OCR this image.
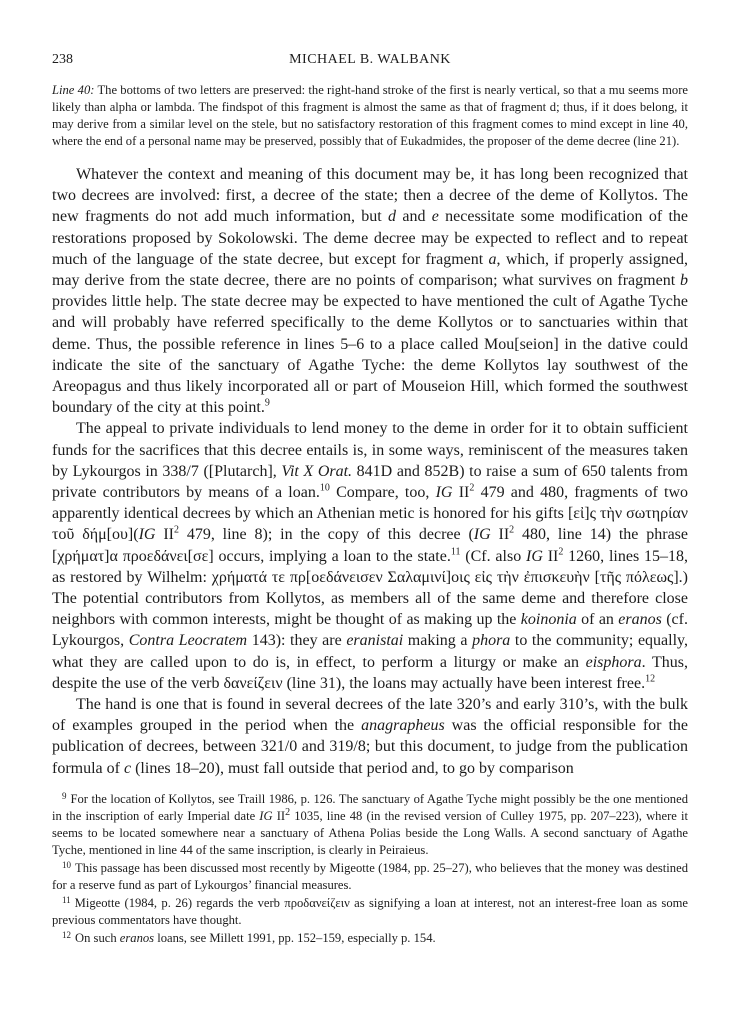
238	MICHAEL B. WALBANK
Line 40: The bottoms of two letters are preserved: the right-hand stroke of the first is nearly vertical, so that a mu seems more likely than alpha or lambda. The findspot of this fragment is almost the same as that of fragment d; thus, if it does belong, it may derive from a similar level on the stele, but no satisfactory restoration of this fragment comes to mind except in line 40, where the end of a personal name may be preserved, possibly that of Eukadmides, the proposer of the deme decree (line 21).

Whatever the context and meaning of this document may be, it has long been recognized that two decrees are involved: first, a decree of the state; then a decree of the deme of Kollytos. The new fragments do not add much information, but d and e necessitate some modification of the restorations proposed by Sokolowski. The deme decree may be expected to reflect and to repeat much of the language of the state decree, but except for fragment a, which, if properly assigned, may derive from the state decree, there are no points of comparison; what survives on fragment b provides little help. The state decree may be expected to have mentioned the cult of Agathe Tyche and will probably have referred specifically to the deme Kollytos or to sanctuaries within that deme. Thus, the possible reference in lines 5–6 to a place called Mou[seion] in the dative could indicate the site of the sanctuary of Agathe Tyche: the deme Kollytos lay southwest of the Areopagus and thus likely incorporated all or part of Mouseion Hill, which formed the southwest boundary of the city at this point.$^9$

The appeal to private individuals to lend money to the deme in order for it to obtain sufficient funds for the sacrifices that this decree entails is, in some ways, reminiscent of the measures taken by Lykourgos in 338/7 ([Plutarch], Vit X Orat. 841D and 852B) to raise a sum of 650 talents from private contributors by means of a loan.$^{10}$ Compare, too, IG $II^2$ 479 and 480, fragments of two apparently identical decrees by which an Athenian metic is honored for his gifts [εἰ]ς τὴν σωτηρίαν τοῦ δήμ[ου](IG $II^2$ 479, line 8); in the copy of this decree (IG $II^2$ 480, line 14) the phrase [χρήματ]α προεδάνει[σε] occurs, implying a loan to the state.$^{11}$ (Cf. also IG $II^2$ 1260, lines 15–18, as restored by Wilhelm: χρήματά τε πρ[οεδάνεισεν Σαλαμινί]οις εἰς τὴν ἐπισκευὴν [τῆς πόλεως].) The potential contributors from Kollytos, as members all of the same deme and therefore close neighbors with common interests, might be thought of as making up the koinonia of an eranos (cf. Lykourgos, Contra Leocratem 143): they are eranistai making a phora to the community; equally, what they are called upon to do is, in effect, to perform a liturgy or make an eisphora. Thus, despite the use of the verb δανείζειν (line 31), the loans may actually have been interest free.$^{12}$

The hand is one that is found in several decrees of the late 320’s and early 310’s, with the bulk of examples grouped in the period when the anagrapheus was the official responsible for the publication of decrees, between 321/0 and 319/8; but this document, to judge from the publication formula of c (lines 18–20), must fall outside that period and, to go by comparison

$^9$ For the location of Kollytos, see Traill 1986, p. 126. The sanctuary of Agathe Tyche might possibly be the one mentioned in the inscription of early Imperial date IG $II^2$ 1035, line 48 (in the revised version of Culley 1975, pp. 207–223), where it seems to be located somewhere near a sanctuary of Athena Polias beside the Long Walls. A second sanctuary of Agathe Tyche, mentioned in line 44 of the same inscription, is clearly in Peiraieus.

$^{10}$ This passage has been discussed most recently by Migeotte (1984, pp. 25–27), who believes that the money was destined for a reserve fund as part of Lykourgos’ financial measures.

$^{11}$ Migeotte (1984, p. 26) regards the verb προδανείζειν as signifying a loan at interest, not an interest-free loan as some previous commentators have thought.

$^{12}$ On such eranos loans, see Millett 1991, pp. 152–159, especially p. 154.
